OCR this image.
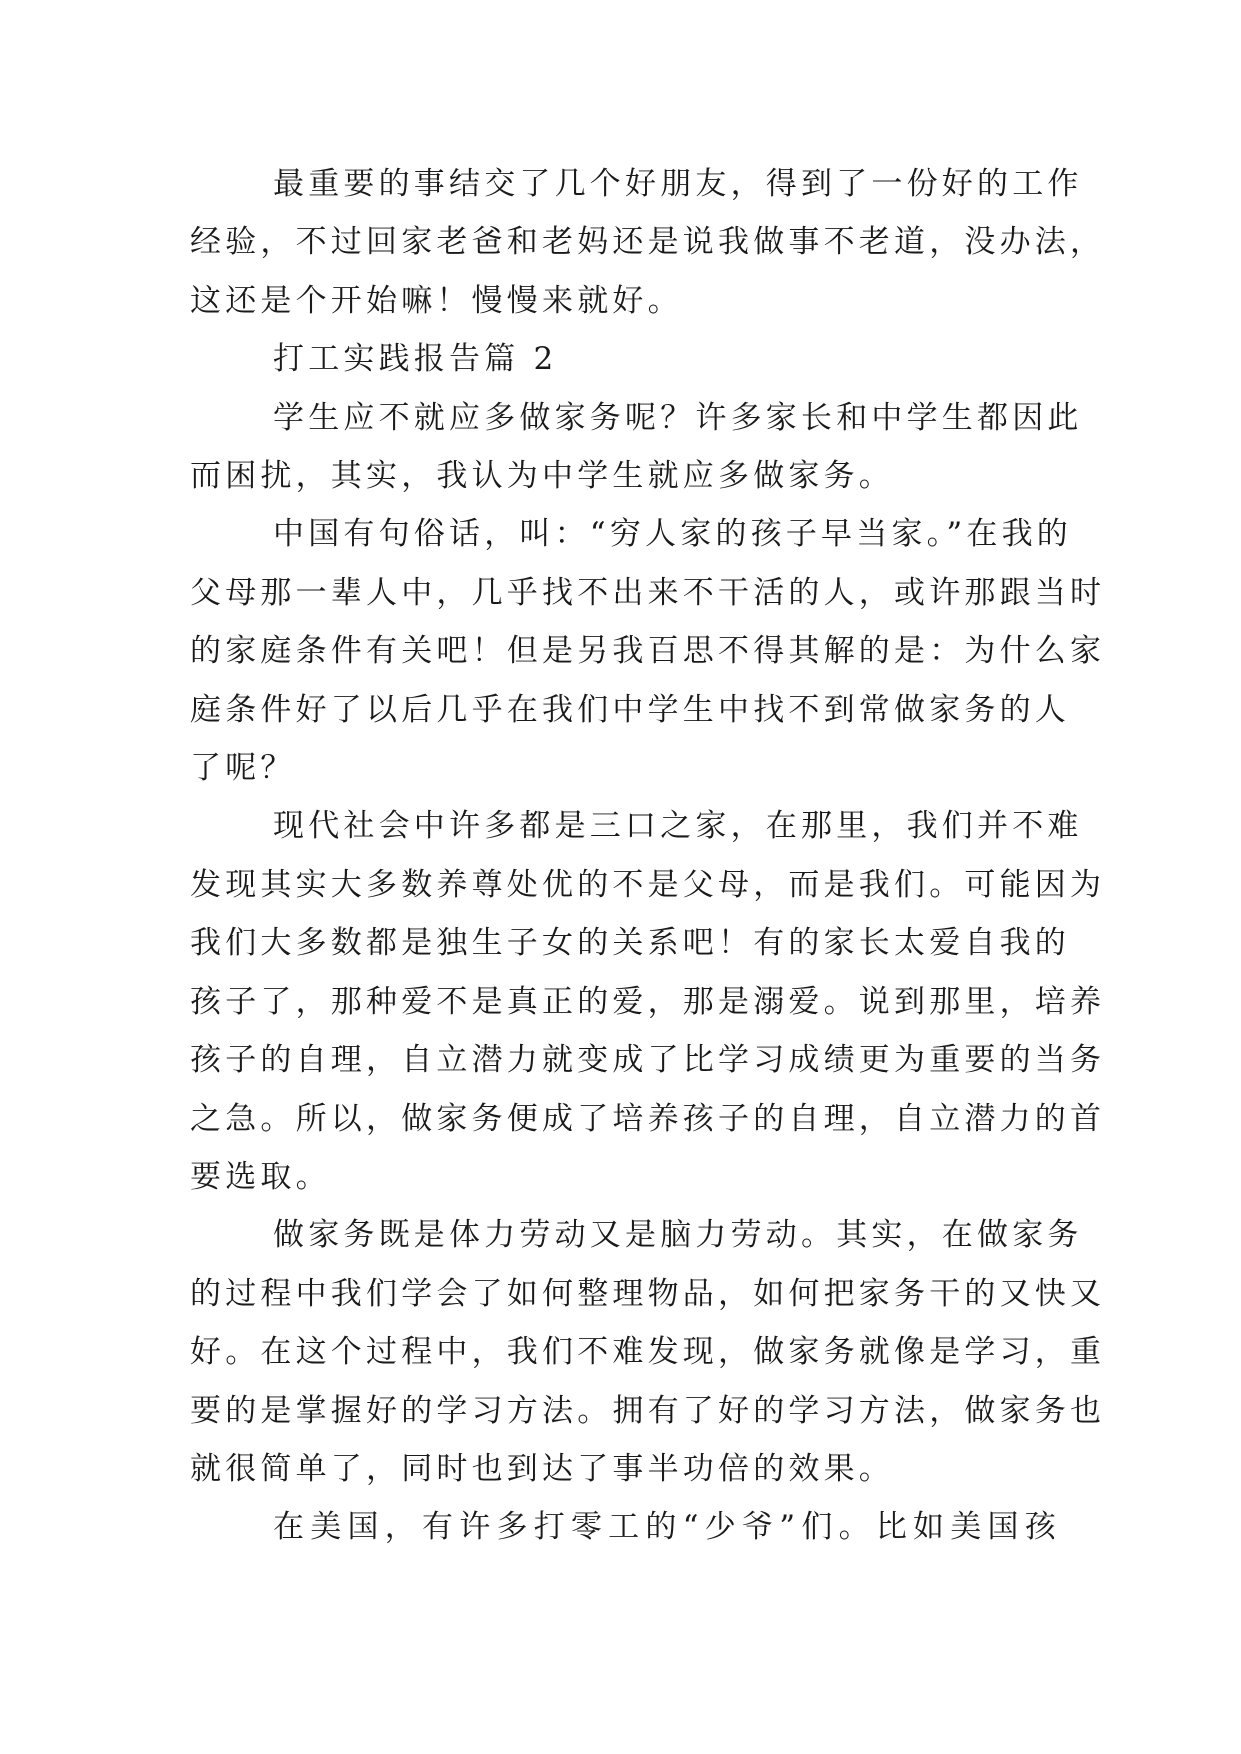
最重要的事结交了几个好朋友，得到了一份好的工作
经验，不过回家老爸和老妈还是说我做事不老道，没办法，
这还是个开始嘛！慢慢来就好。
打工实践报告篇 2
学生应不就应多做家务呢？许多家长和中学生都因此
而困扰，其实，我认为中学生就应多做家务。
中国有句俗话，叫：“穷人家的孩子早当家。”在我的
父母那一辈人中，几乎找不出来不干活的人，或许那跟当时
的家庭条件有关吧！但是另我百思不得其解的是：为什么家
庭条件好了以后几乎在我们中学生中找不到常做家务的人
了呢？
现代社会中许多都是三口之家，在那里，我们并不难
发现其实大多数养尊处优的不是父母，而是我们。可能因为
我们大多数都是独生子女的关系吧！有的家长太爱自我的
孩子了，那种爱不是真正的爱，那是溺爱。说到那里，培养
孩子的自理，自立潜力就变成了比学习成绩更为重要的当务
之急。所以，做家务便成了培养孩子的自理，自立潜力的首
要选取。
做家务既是体力劳动又是脑力劳动。其实，在做家务
的过程中我们学会了如何整理物品，如何把家务干的又快又
好。在这个过程中，我们不难发现，做家务就像是学习，重
要的是掌握好的学习方法。拥有了好的学习方法，做家务也
就很简单了，同时也到达了事半功倍的效果。
在美国，有许多打零工的“少爷”们。比如美国孩
